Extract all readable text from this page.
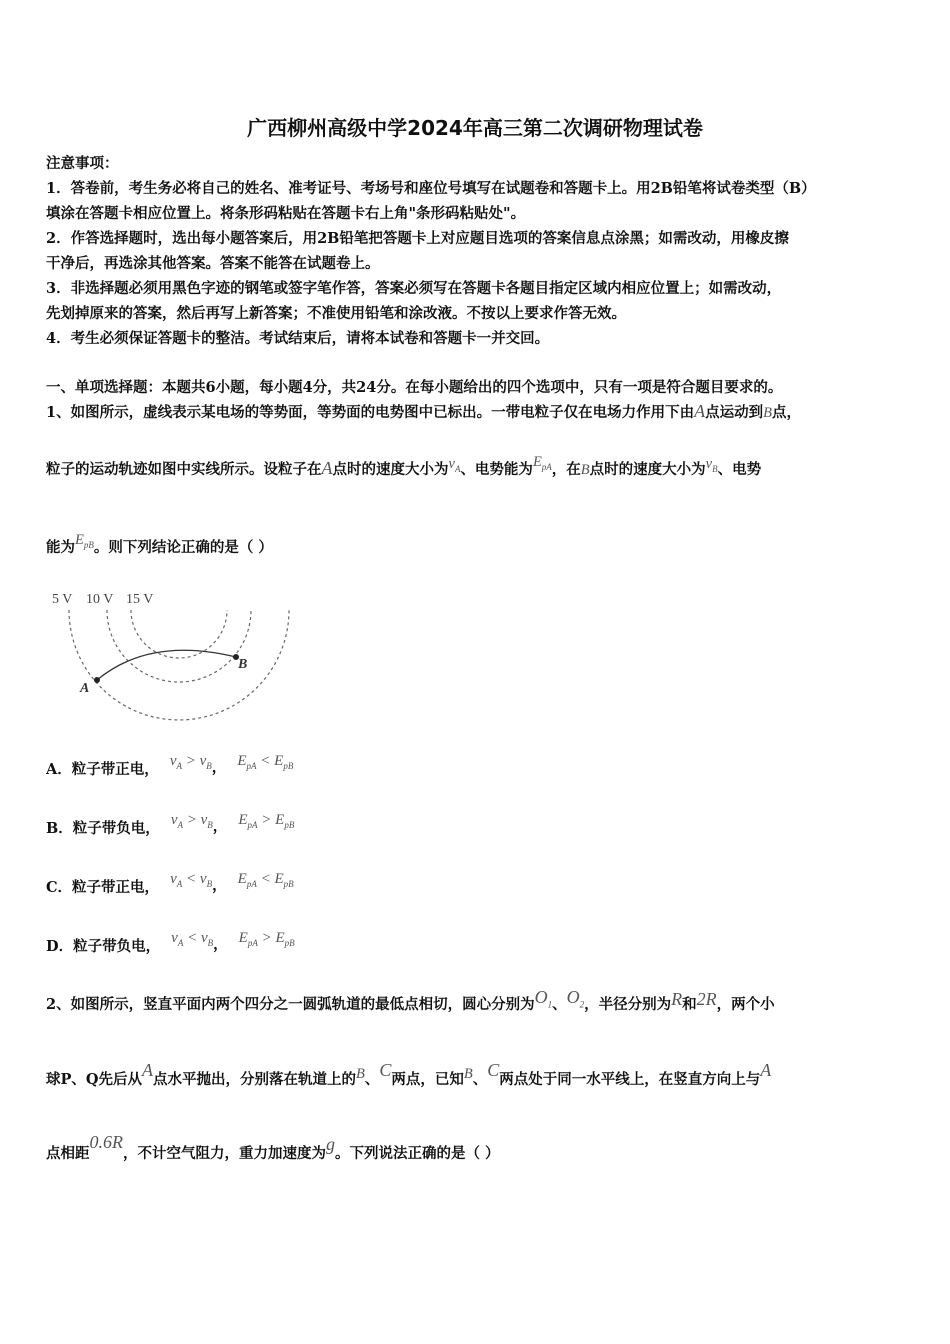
广西柳州高级中学2024年高三第二次调研物理试卷
注意事项：
1．答卷前，考生务必将自己的姓名、准考证号、考场号和座位号填写在试题卷和答题卡上。用2B铅笔将试卷类型（B）
填涂在答题卡相应位置上。将条形码粘贴在答题卡右上角"条形码粘贴处"。
2．作答选择题时，选出每小题答案后，用2B铅笔把答题卡上对应题目选项的答案信息点涂黑；如需改动，用橡皮擦
干净后，再选涂其他答案。答案不能答在试题卷上。
3．非选择题必须用黑色字迹的钢笔或签字笔作答，答案必须写在答题卡各题目指定区域内相应位置上；如需改动，
先划掉原来的答案，然后再写上新答案；不准使用铅笔和涂改液。不按以上要求作答无效。
4．考生必须保证答题卡的整洁。考试结束后，请将本试卷和答题卡一并交回。
一、单项选择题：本题共6小题，每小题4分，共24分。在每小题给出的四个选项中，只有一项是符合题目要求的。
1、如图所示，虚线表示某电场的等势面，等势面的电势图中已标出。一带电粒子仅在电场力作用下由A点运动到B点，
粒子的运动轨迹如图中实线所示。设粒子在A点时的速度大小为$v_A$、电势能为$E_{pA}$，在B点时的速度大小为$v_B$、电势
能为$E_{pB}$。则下列结论正确的是（ ）
5 V 10 V 15 V
A
B
A．粒子带正电， $v_A > v_B$， $E_{pA} < E_{pB}$
B．粒子带负电， $v_A > v_B$， $E_{pA} > E_{pB}$
C．粒子带正电， $v_A < v_B$， $E_{pA} < E_{pB}$
D．粒子带负电， $v_A < v_B$， $E_{pA} > E_{pB}$
2、如图所示，竖直平面内两个四分之一圆弧轨道的最低点相切，圆心分别为$O_1$、$O_2$，半径分别为R和2R，两个小
球P、Q先后从A点水平抛出，分别落在轨道上的B、C两点，已知B、C两点处于同一水平线上，在竖直方向上与A
点相距0.6R，不计空气阻力，重力加速度为g。下列说法正确的是（ ）
